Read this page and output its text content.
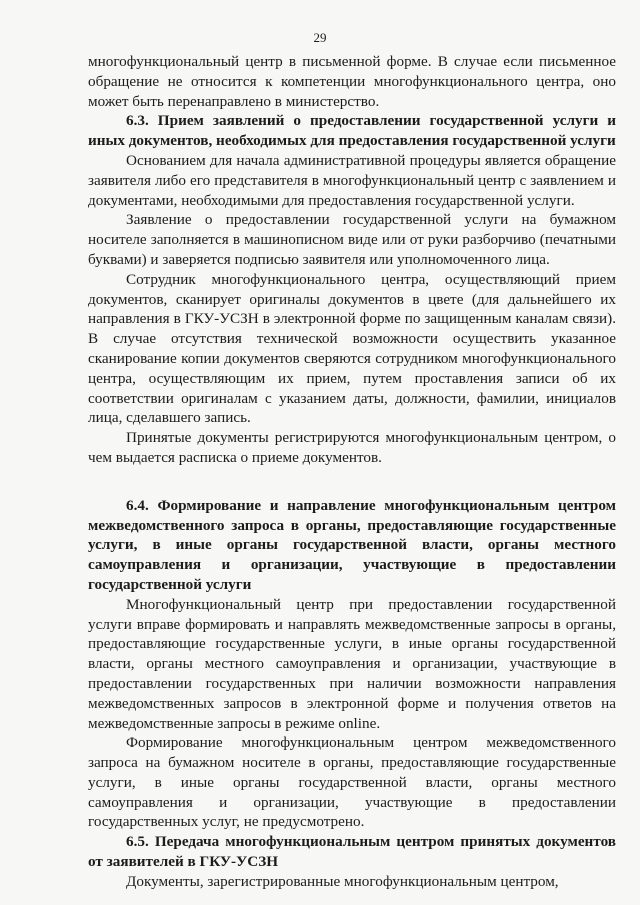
29

многофункциональный центр в письменной форме. В случае если письменное обращение не относится к компетенции многофункционального центра, оно может быть перенаправлено в министерство.

6.3. Прием заявлений о предоставлении государственной услуги и иных документов, необходимых для предоставления государственной услуги

Основанием для начала административной процедуры является обращение заявителя либо его представителя в многофункциональный центр с заявлением и документами, необходимыми для предоставления государственной услуги.

Заявление о предоставлении государственной услуги на бумажном носителе заполняется в машинописном виде или от руки разборчиво (печатными буквами) и заверяется подписью заявителя или уполномоченного лица.

Сотрудник многофункционального центра, осуществляющий прием документов, сканирует оригиналы документов в цвете (для дальнейшего их направления в ГКУ-УСЗН в электронной форме по защищенным каналам связи). В случае отсутствия технической возможности осуществить указанное сканирование копии документов сверяются сотрудником многофункционального центра, осуществляющим их прием, путем проставления записи об их соответствии оригиналам с указанием даты, должности, фамилии, инициалов лица, сделавшего запись.

Принятые документы регистрируются многофункциональным центром, о чем выдается расписка о приеме документов.

6.4. Формирование и направление многофункциональным центром межведомственного запроса в органы, предоставляющие государственные услуги, в иные органы государственной власти, органы местного самоуправления и организации, участвующие в предоставлении государственной услуги

Многофункциональный центр при предоставлении государственной услуги вправе формировать и направлять межведомственные запросы в органы, предоставляющие государственные услуги, в иные органы государственной власти, органы местного самоуправления и организации, участвующие в предоставлении государственных при наличии возможности направления межведомственных запросов в электронной форме и получения ответов на межведомственные запросы в режиме online.

Формирование многофункциональным центром межведомственного запроса на бумажном носителе в органы, предоставляющие государственные услуги, в иные органы государственной власти, органы местного самоуправления и организации, участвующие в предоставлении государственных услуг, не предусмотрено.

6.5. Передача многофункциональным центром принятых документов от заявителей в ГКУ-УСЗН

Документы, зарегистрированные многофункциональным центром,
